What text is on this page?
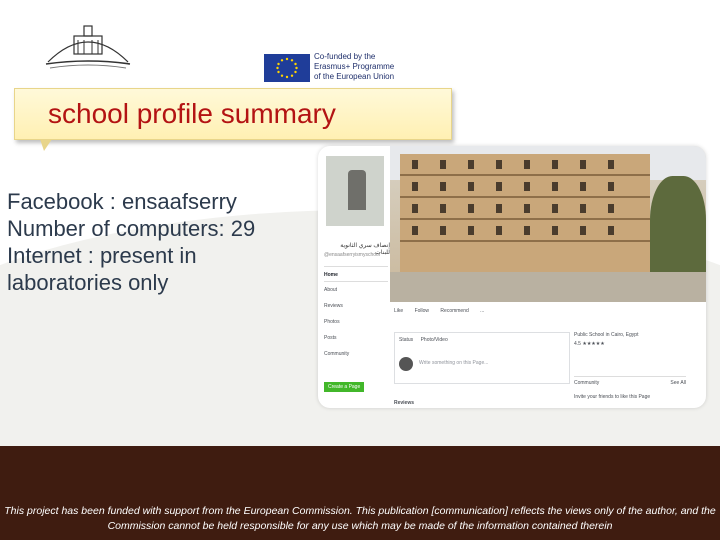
Co-funded by the
Erasmus+ Programme
of the European Union
school profile summary
Facebook : ensaafserry
Number of computers: 29
Internet : present in
laboratories only
إنصاف سري الثانوية للبنات
@ensaafserryismyschool
Home
About
Reviews
Photos
Posts
Community
Create a Page
Like Follow Recommend ...
Status Photo/Video
Write something on this Page...
Reviews
Public School in Cairo, Egypt
4.5 ★★★★★
Community	See All
Invite your friends to like this Page
This project has been funded with support from the European Commission. This publication [communication] reflects the views only of the author, and the Commission cannot be held responsible for any use which may be made of the information contained therein
